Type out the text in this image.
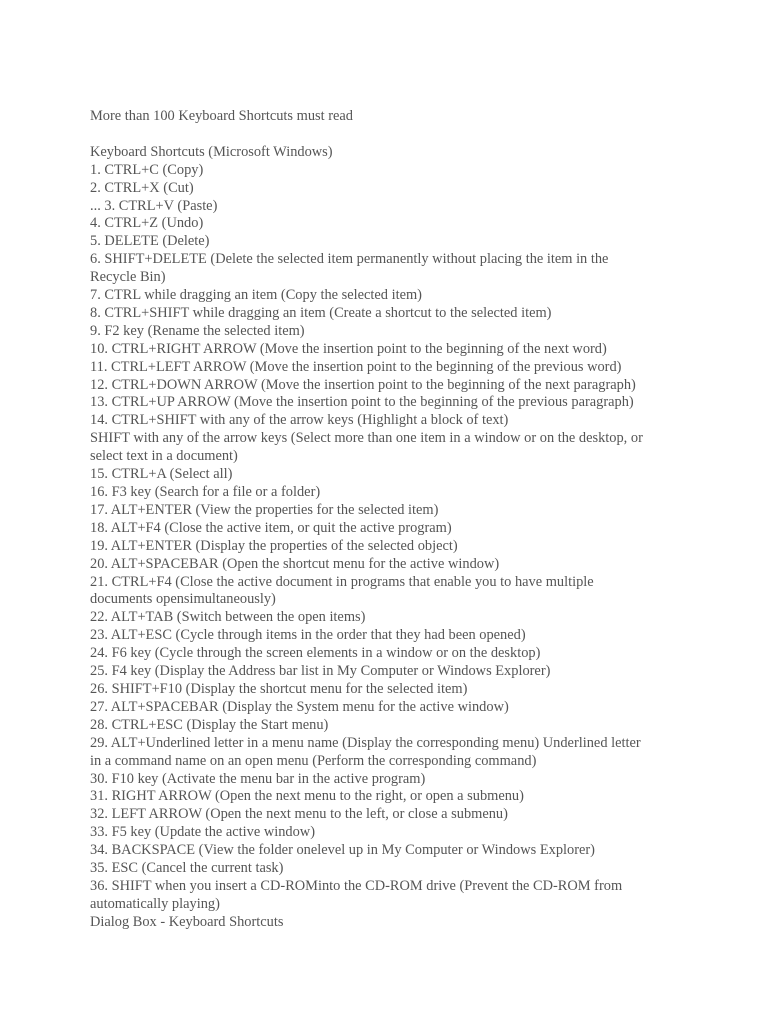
More than 100 Keyboard Shortcuts must read

Keyboard Shortcuts (Microsoft Windows)
1. CTRL+C (Copy)
2. CTRL+X (Cut)
... 3. CTRL+V (Paste)
4. CTRL+Z (Undo)
5. DELETE (Delete)
6. SHIFT+DELETE (Delete the selected item permanently without placing the item in the
Recycle Bin)
7. CTRL while dragging an item (Copy the selected item)
8. CTRL+SHIFT while dragging an item (Create a shortcut to the selected item)
9. F2 key (Rename the selected item)
10. CTRL+RIGHT ARROW (Move the insertion point to the beginning of the next word)
11. CTRL+LEFT ARROW (Move the insertion point to the beginning of the previous word)
12. CTRL+DOWN ARROW (Move the insertion point to the beginning of the next paragraph)
13. CTRL+UP ARROW (Move the insertion point to the beginning of the previous paragraph)
14. CTRL+SHIFT with any of the arrow keys (Highlight a block of text)
SHIFT with any of the arrow keys (Select more than one item in a window or on the desktop, or
select text in a document)
15. CTRL+A (Select all)
16. F3 key (Search for a file or a folder)
17. ALT+ENTER (View the properties for the selected item)
18. ALT+F4 (Close the active item, or quit the active program)
19. ALT+ENTER (Display the properties of the selected object)
20. ALT+SPACEBAR (Open the shortcut menu for the active window)
21. CTRL+F4 (Close the active document in programs that enable you to have multiple
documents opensimultaneously)
22. ALT+TAB (Switch between the open items)
23. ALT+ESC (Cycle through items in the order that they had been opened)
24. F6 key (Cycle through the screen elements in a window or on the desktop)
25. F4 key (Display the Address bar list in My Computer or Windows Explorer)
26. SHIFT+F10 (Display the shortcut menu for the selected item)
27. ALT+SPACEBAR (Display the System menu for the active window)
28. CTRL+ESC (Display the Start menu)
29. ALT+Underlined letter in a menu name (Display the corresponding menu) Underlined letter
in a command name on an open menu (Perform the corresponding command)
30. F10 key (Activate the menu bar in the active program)
31. RIGHT ARROW (Open the next menu to the right, or open a submenu)
32. LEFT ARROW (Open the next menu to the left, or close a submenu)
33. F5 key (Update the active window)
34. BACKSPACE (View the folder onelevel up in My Computer or Windows Explorer)
35. ESC (Cancel the current task)
36. SHIFT when you insert a CD-ROMinto the CD-ROM drive (Prevent the CD-ROM from
automatically playing)
Dialog Box - Keyboard Shortcuts
